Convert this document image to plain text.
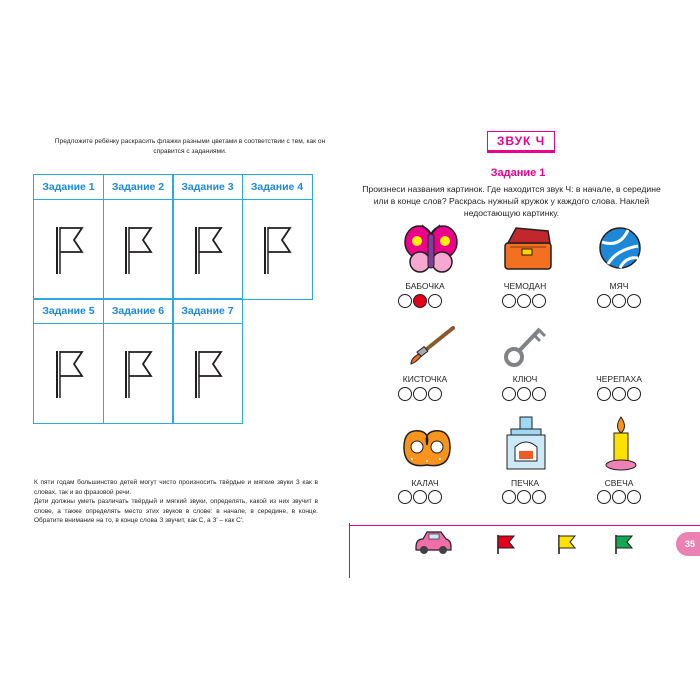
Предложите ребёнку раскрасить флажки разными цветами в соответствии с тем, как он справится с заданиями.
Задание 1	Задание 2	Задание 3	Задание 4
Задание 5	Задание 6	Задание 7
К пяти годам большинство детей могут чисто произносить твёрдые и мягкие звуки З как в словах, так и во фразовой речи.
Дети должны уметь различать твёрдый и мягкий звуки, определять, какой из них звучит в слове, а также определять место этих звуков в слове: в начале, в середине, в конце. Обратите внимание на то, в конце слова З звучит, как С, а З' – как С'.
ЗВУК Ч
Задание 1
Произнеси названия картинок. Где находится звук Ч: в начале, в середине или в конце слов? Раскрась нужный кружок у каждого слова. Наклей недостающую картинку.
БАБОЧКА	ЧЕМОДАН	МЯЧ
КИСТОЧКА	КЛЮЧ	ЧЕРЕПАХА
КАЛАЧ	ПЕЧКА	СВЕЧА
35
